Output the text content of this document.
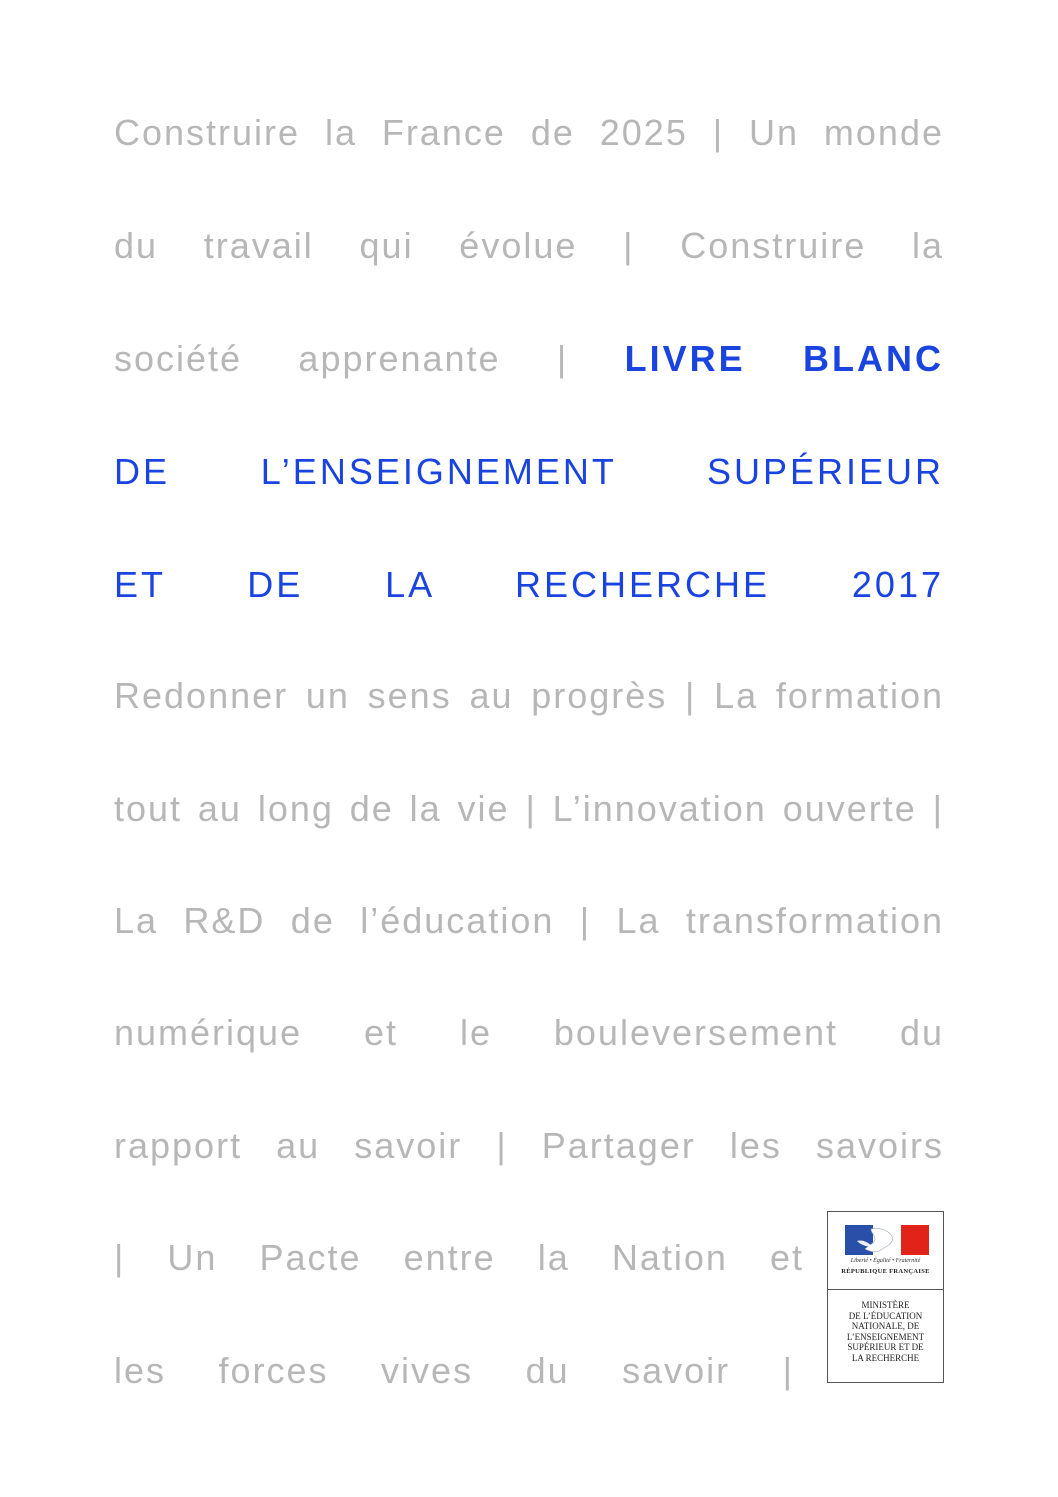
Construire la France de 2025 | Un monde
du travail qui évolue | Construire la
société apprenante | LIVRE BLANC
DE L’ENSEIGNEMENT SUPÉRIEUR
ET DE LA RECHERCHE 2017
Redonner un sens au progrès | La formation
tout au long de la vie | L’innovation ouverte |
La R&D de l’éducation | La transformation
numérique et le bouleversement du
rapport au savoir | Partager les savoirs
| Un Pacte entre la Nation et
les forces vives du savoir |
Liberté • Égalité • Fraternité
RÉPUBLIQUE FRANÇAISE
MINISTÈRE
DE L’ÉDUCATION
NATIONALE, DE
L’ENSEIGNEMENT
SUPÉRIEUR ET DE
LA RECHERCHE
